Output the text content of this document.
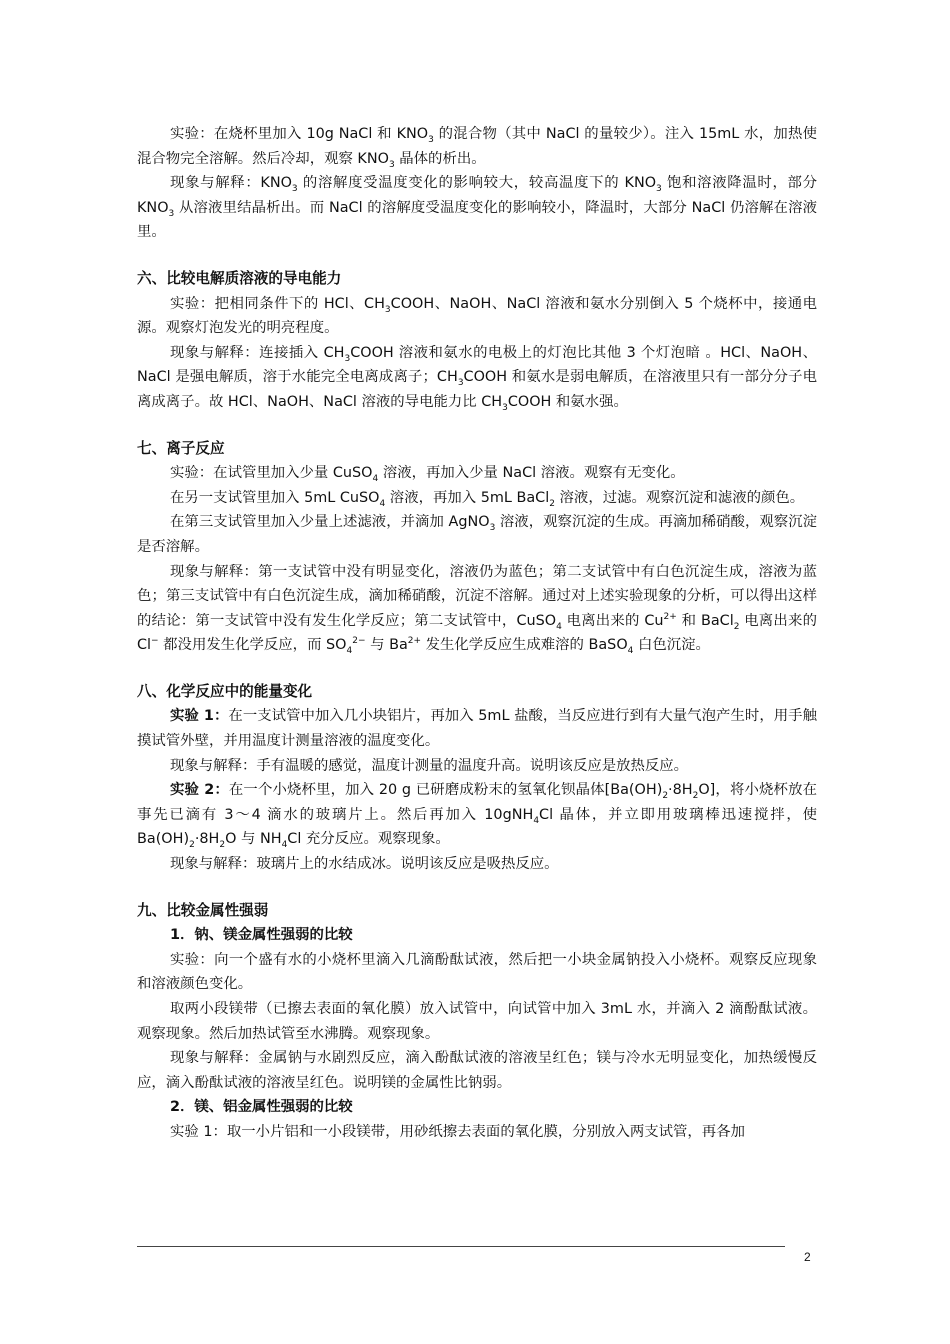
实验：在烧杯里加入 10g NaCl 和 $KNO_3$ 的混合物（其中 NaCl 的量较少）。注入 15mL 水，加热使混合物完全溶解。然后冷却，观察 $KNO_3$ 晶体的析出。
现象与解释：$KNO_3$ 的溶解度受温度变化的影响较大，较高温度下的 $KNO_3$ 饱和溶液降温时，部分 $KNO_3$ 从溶液里结晶析出。而 NaCl 的溶解度受温度变化的影响较小，降温时，大部分 NaCl 仍溶解在溶液里。
六、比较电解质溶液的导电能力
实验：把相同条件下的 HCl、$CH_3COOH$、NaOH、NaCl 溶液和氨水分别倒入 5 个烧杯中，接通电源。观察灯泡发光的明亮程度。
现象与解释：连接插入 $CH_3COOH$ 溶液和氨水的电极上的灯泡比其他 3 个灯泡暗 。HCl、NaOH、NaCl 是强电解质，溶于水能完全电离成离子；$CH_3COOH$ 和氨水是弱电解质，在溶液里只有一部分分子电离成离子。故 HCl、NaOH、NaCl 溶液的导电能力比 $CH_3COOH$ 和氨水强。
七、离子反应
实验：在试管里加入少量 CuSO$_4$ 溶液，再加入少量 NaCl 溶液。观察有无变化。
在另一支试管里加入 5mL CuSO$_4$ 溶液，再加入 5mL BaCl$_2$ 溶液，过滤。观察沉淀和滤液的颜色。
在第三支试管里加入少量上述滤液，并滴加 AgNO$_3$ 溶液，观察沉淀的生成。再滴加稀硝酸，观察沉淀是否溶解。
现象与解释：第一支试管中没有明显变化，溶液仍为蓝色；第二支试管中有白色沉淀生成，溶液为蓝色；第三支试管中有白色沉淀生成，滴加稀硝酸，沉淀不溶解。通过对上述实验现象的分析，可以得出这样的结论：第一支试管中没有发生化学反应；第二支试管中，CuSO$_4$ 电离出来的 $Cu^{2+}$ 和 BaCl$_2$ 电离出来的 Cl− 都没用发生化学反应，而 $SO_4^{2-}$ 与 $Ba^{2+}$ 发生化学反应生成难溶的 BaSO$_4$ 白色沉淀。
八、化学反应中的能量变化
实验 1：在一支试管中加入几小块铝片，再加入 5mL 盐酸，当反应进行到有大量气泡产生时，用手触摸试管外壁，并用温度计测量溶液的温度变化。
现象与解释：手有温暖的感觉，温度计测量的温度升高。说明该反应是放热反应。
实验 2：在一个小烧杯里，加入 20 g 已研磨成粉末的氢氧化钡晶体$[Ba(OH)_2\cdot 8H_2O]$，将小烧杯放在事先已滴有 3～4 滴水的玻璃片上。然后再加入 10gNH$_4$Cl 晶体，并立即用玻璃棒迅速搅拌，使 $Ba(OH)_2\cdot 8H_2O$ 与 $NH_4Cl$ 充分反应。观察现象。
现象与解释：玻璃片上的水结成冰。说明该反应是吸热反应。
九、比较金属性强弱
1．钠、镁金属性强弱的比较
实验：向一个盛有水的小烧杯里滴入几滴酚酞试液，然后把一小块金属钠投入小烧杯。观察反应现象和溶液颜色变化。
取两小段镁带（已擦去表面的氧化膜）放入试管中，向试管中加入 3mL 水，并滴入 2 滴酚酞试液。观察现象。然后加热试管至水沸腾。观察现象。
现象与解释：金属钠与水剧烈反应，滴入酚酞试液的溶液呈红色；镁与冷水无明显变化，加热缓慢反应，滴入酚酞试液的溶液呈红色。说明镁的金属性比钠弱。
2．镁、铝金属性强弱的比较
实验 1：取一小片铝和一小段镁带，用砂纸擦去表面的氧化膜，分别放入两支试管，再各加
2
